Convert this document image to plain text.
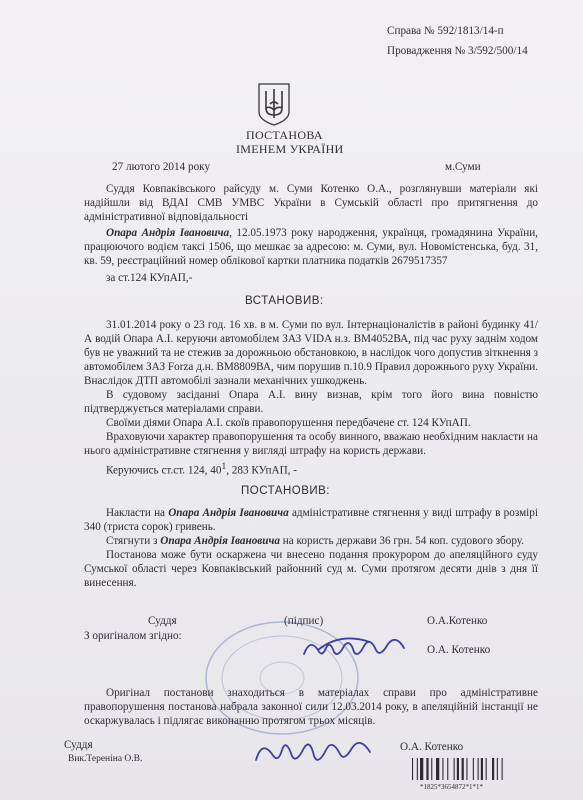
Справа № 592/1813/14-п
Провадження № 3/592/500/14
ПОСТАНОВА
ІМЕНЕМ УКРАЇНИ
27 лютого 2014 року	м.Суми
Суддя Ковпаківського райсуду м. Суми Котенко О.А., розглянувши матеріали які надійшли від ВДАІ СМВ УМВС України в Сумській області про притягнення до адміністративної відповідальності
Опара Андрія Івановича, 12.05.1973 року народження, українця, громадянина України, працюючого водієм таксі 1506, що мешкає за адресою: м. Суми, вул. Новомістенська, буд. 31, кв. 59, реєстраційний номер облікової картки платника податків 2679517357
за ст.124 КУпАП,-
ВСТАНОВИВ:
31.01.2014 року о 23 год. 16 хв. в м. Суми по вул. Інтернаціоналістів в районі будинку 41/А водій Опара А.І. керуючи автомобілем ЗАЗ VIDA н.з. ВМ4052ВА, під час руху заднім ходом був не уважний та не стежив за дорожньою обстановкою, в наслідок чого допустив зіткнення з автомобілем ЗАЗ Forza д.н. ВМ8809ВА, чим порушив п.10.9 Правил дорожнього руху України. Внаслідок ДТП автомобілі зазнали механічних ушкоджень.
В судовому засіданні Опара А.І. вину визнав, крім того його вина повністю підтверджується матеріалами справи.
Своїми діями Опара А.І. скоїв правопорушення передбачене ст. 124 КУпАП.
Враховуючи характер правопорушення та особу винного, вважаю необхідним накласти на нього адміністративне стягнення у вигляді штрафу на користь держави.
Керуючись ст.ст. 124, $40^1$, 283 КУпАП, -
ПОСТАНОВИВ:
Накласти на Опара Андрія Івановича адміністративне стягнення у виді штрафу в розмірі 340 (триста сорок) гривень.
Стягнути з Опара Андрія Івановича на користь держави 36 грн. 54 коп. судового збору.
Постанова може бути оскаржена чи внесено подання прокурором до апеляційного суду Сумської області через Ковпаківський районний суд м. Суми протягом десяти днів з дня її винесення.
Суддя	(підпис)	О.А.Котенко
З оригіналом згідно:
О.А. Котенко
Оригінал постанови знаходиться в матеріалах справи про адміністративне правопорушення постанова набрала законної сили 12.03.2014 року, в апеляційній інстанції не оскаржувалась і підлягає виконанню протягом трьох місяців.
Суддя
Вик.Тереніна О.В.
О.А. Котенко
*1825*3654872*1*1*
